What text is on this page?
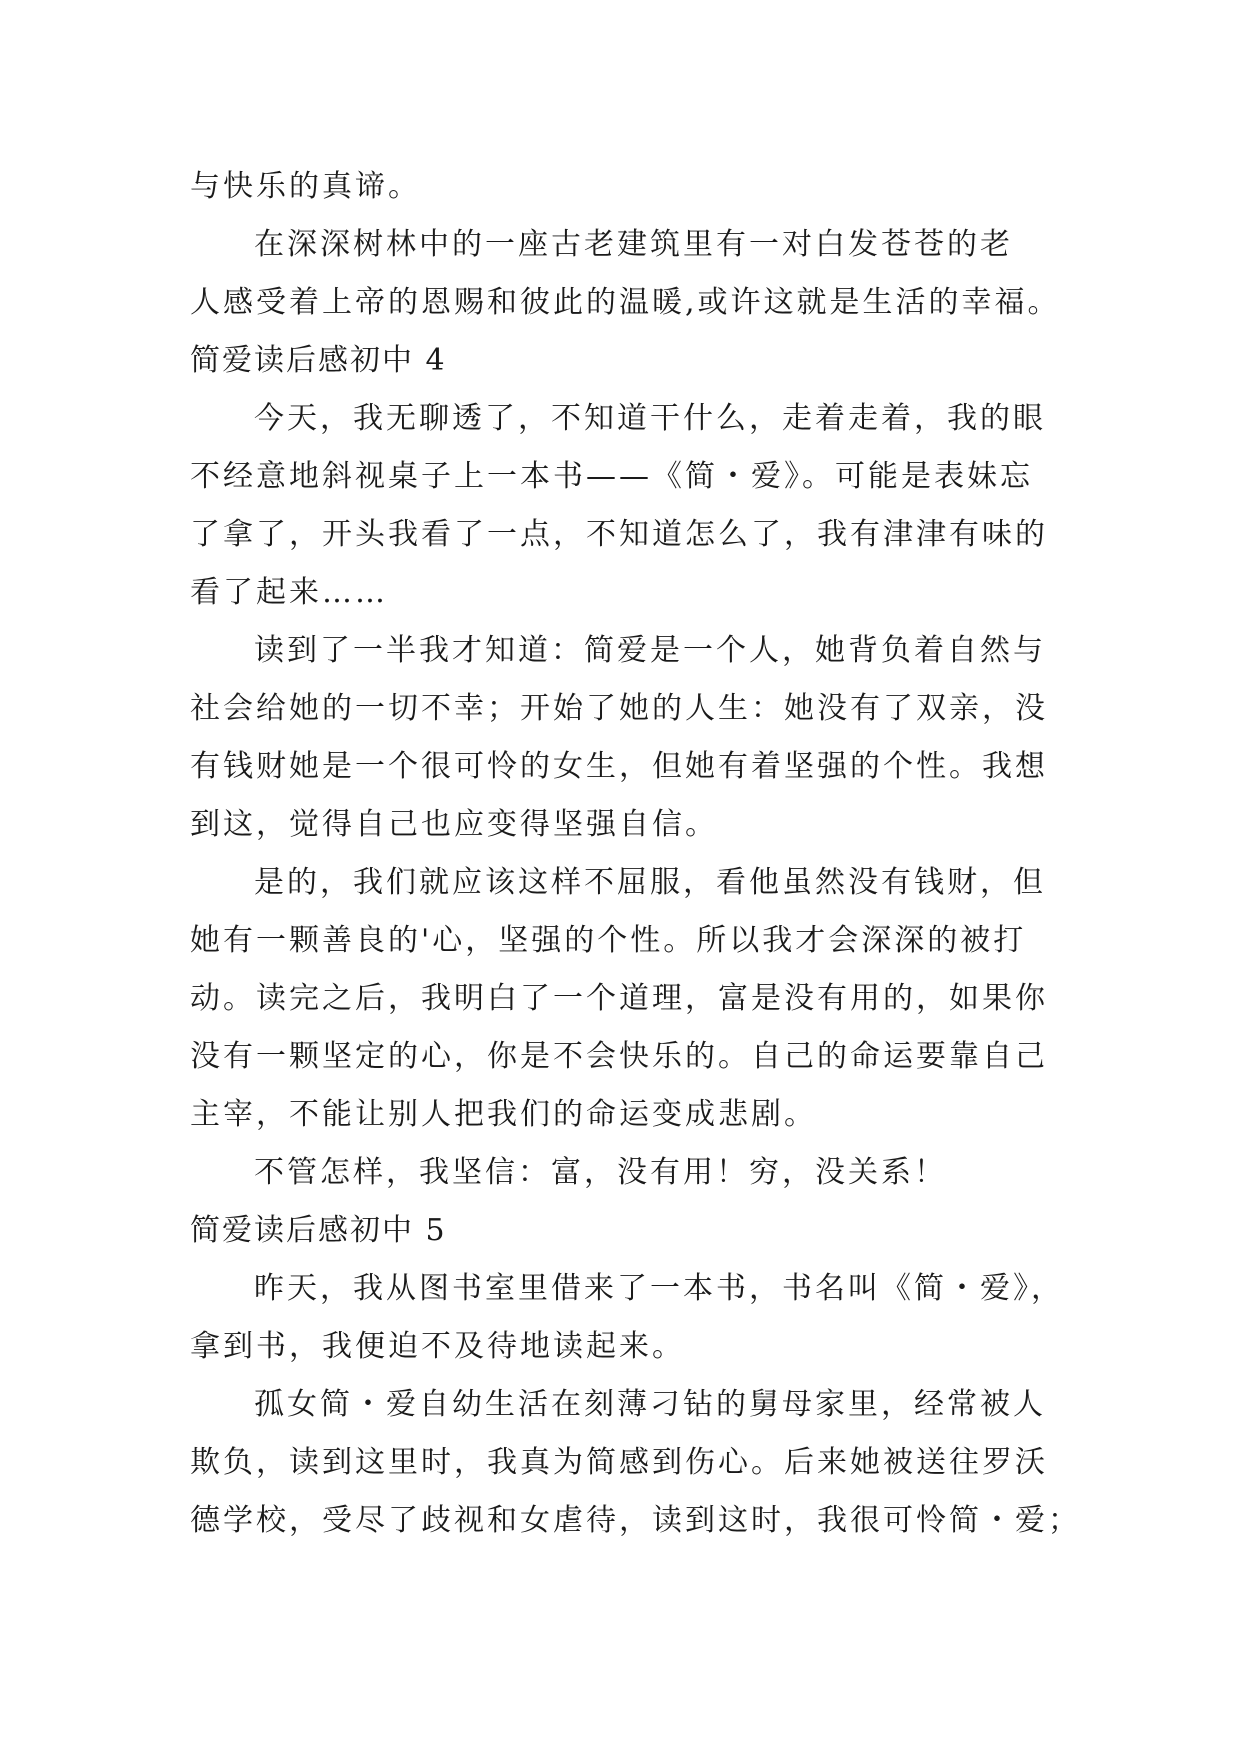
与快乐的真谛。
在深深树林中的一座古老建筑里有一对白发苍苍的老
人感受着上帝的恩赐和彼此的温暖,或许这就是生活的幸福。
简爱读后感初中 4
今天，我无聊透了，不知道干什么，走着走着，我的眼
不经意地斜视桌子上一本书——《简・爱》。可能是表妹忘
了拿了，开头我看了一点，不知道怎么了，我有津津有味的
看了起来……
读到了一半我才知道：简爱是一个人，她背负着自然与
社会给她的一切不幸；开始了她的人生：她没有了双亲，没
有钱财她是一个很可怜的女生，但她有着坚强的个性。我想
到这，觉得自己也应变得坚强自信。
是的，我们就应该这样不屈服，看他虽然没有钱财，但
她有一颗善良的'心，坚强的个性。所以我才会深深的被打
动。读完之后，我明白了一个道理，富是没有用的，如果你
没有一颗坚定的心，你是不会快乐的。自己的命运要靠自己
主宰，不能让别人把我们的命运变成悲剧。
不管怎样，我坚信：富，没有用！穷，没关系！
简爱读后感初中 5
昨天，我从图书室里借来了一本书，书名叫《简・爱》，
拿到书，我便迫不及待地读起来。
孤女简・爱自幼生活在刻薄刁钻的舅母家里，经常被人
欺负，读到这里时，我真为简感到伤心。后来她被送往罗沃
德学校，受尽了歧视和女虐待，读到这时，我很可怜简・爱；
